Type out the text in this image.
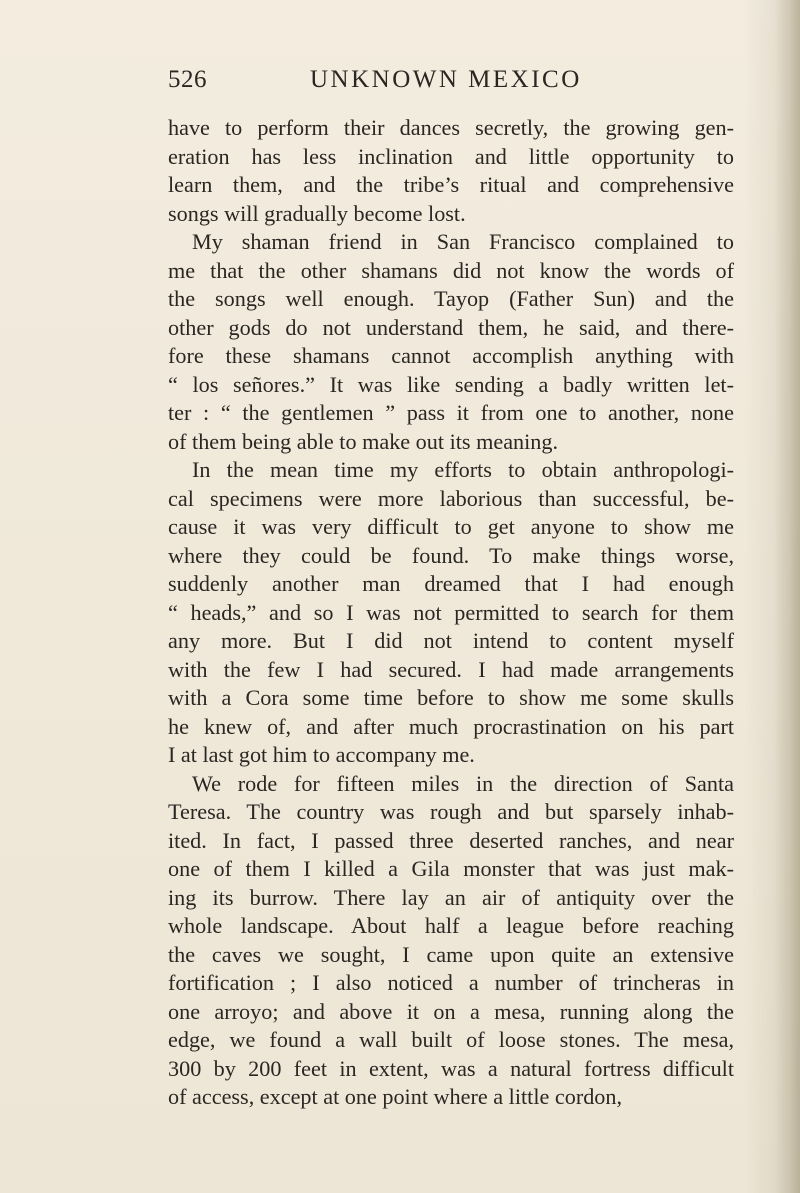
526	UNKNOWN MEXICO
have to perform their dances secretly, the growing gen-
eration has less inclination and little opportunity to
learn them, and the tribe’s ritual and comprehensive
songs will gradually become lost.
My shaman friend in San Francisco complained to
me that the other shamans did not know the words of
the songs well enough. Tayop (Father Sun) and the
other gods do not understand them, he said, and there-
fore these shamans cannot accomplish anything with
“ los señores.” It was like sending a badly written let-
ter : “ the gentlemen ” pass it from one to another, none
of them being able to make out its meaning.
In the mean time my efforts to obtain anthropologi-
cal specimens were more laborious than successful, be-
cause it was very difficult to get anyone to show me
where they could be found. To make things worse,
suddenly another man dreamed that I had enough
“ heads,” and so I was not permitted to search for them
any more. But I did not intend to content myself
with the few I had secured. I had made arrangements
with a Cora some time before to show me some skulls
he knew of, and after much procrastination on his part
I at last got him to accompany me.
We rode for fifteen miles in the direction of Santa
Teresa. The country was rough and but sparsely inhab-
ited. In fact, I passed three deserted ranches, and near
one of them I killed a Gila monster that was just mak-
ing its burrow. There lay an air of antiquity over the
whole landscape. About half a league before reaching
the caves we sought, I came upon quite an extensive
fortification ; I also noticed a number of trincheras in
one arroyo; and above it on a mesa, running along the
edge, we found a wall built of loose stones. The mesa,
300 by 200 feet in extent, was a natural fortress difficult
of access, except at one point where a little cordon,
